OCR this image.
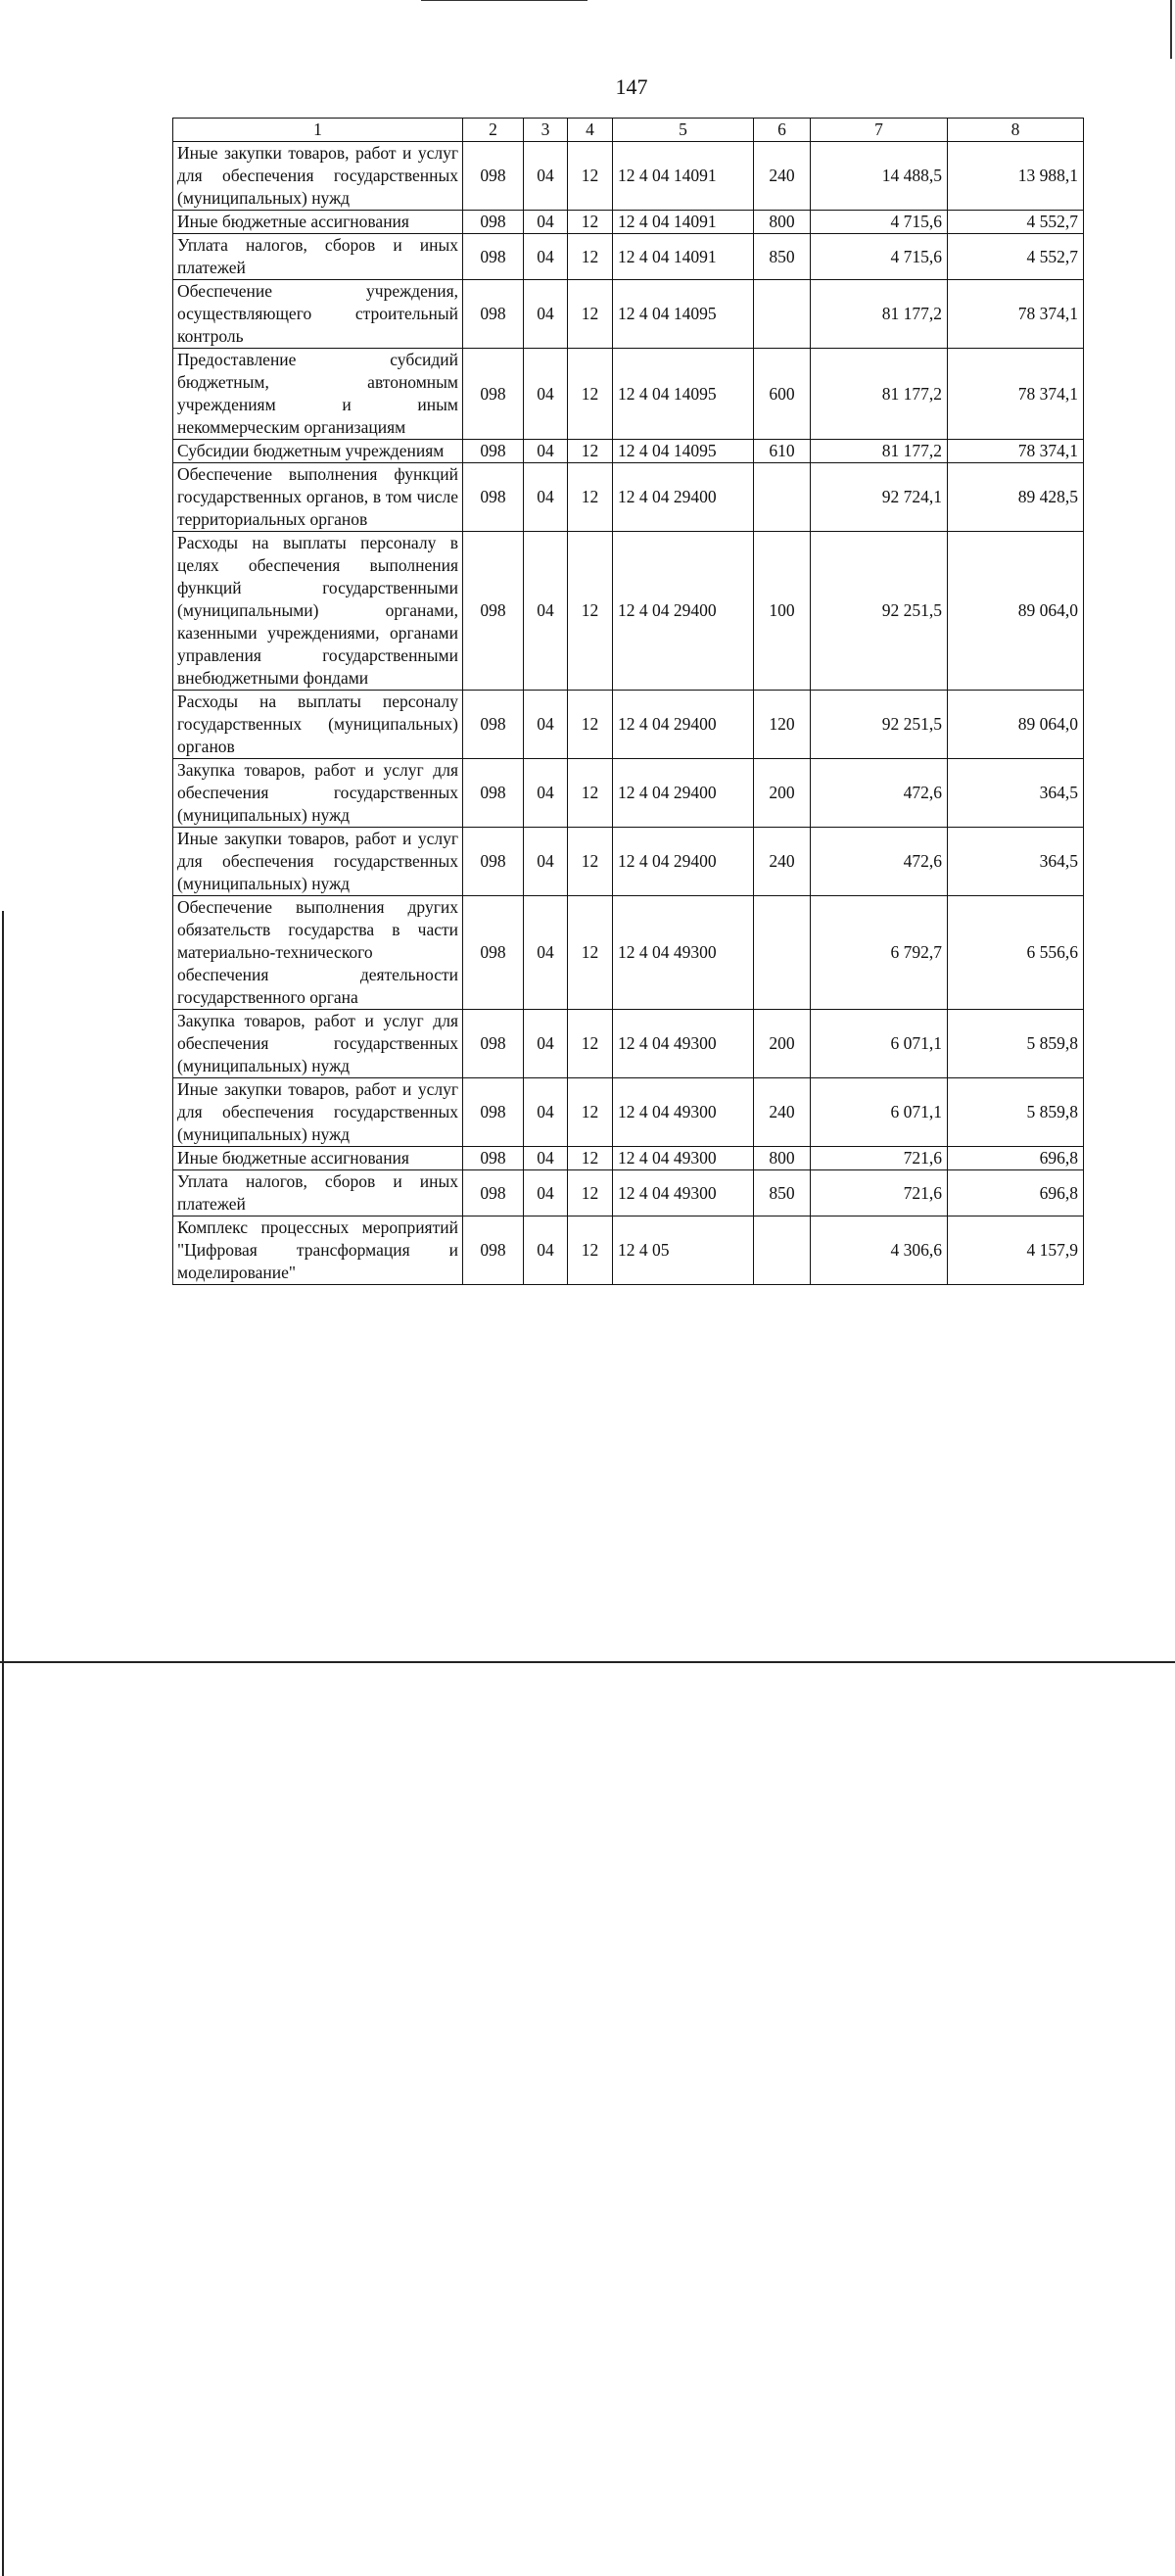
147
1	2	3	4	5	6	7	8
Иные закупки товаров, работ и услуг для обеспечения государственных (муниципальных) нужд	098	04	12	12 4 04 14091	240	14 488,5	13 988,1
Иные бюджетные ассигнования	098	04	12	12 4 04 14091	800	4 715,6	4 552,7
Уплата налогов, сборов и иных платежей	098	04	12	12 4 04 14091	850	4 715,6	4 552,7
Обеспечение учреждения, осуществляющего строительный контроль	098	04	12	12 4 04 14095		81 177,2	78 374,1
Предоставление субсидий бюджетным, автономным учреждениям и иным некоммерческим организациям	098	04	12	12 4 04 14095	600	81 177,2	78 374,1
Субсидии бюджетным учреждениям	098	04	12	12 4 04 14095	610	81 177,2	78 374,1
Обеспечение выполнения функций государственных органов, в том числе территориальных органов	098	04	12	12 4 04 29400		92 724,1	89 428,5
Расходы на выплаты персоналу в целях обеспечения выполнения функций государственными (муниципальными) органами, казенными учреждениями, органами управления государственными внебюджетными фондами	098	04	12	12 4 04 29400	100	92 251,5	89 064,0
Расходы на выплаты персоналу государственных (муниципальных) органов	098	04	12	12 4 04 29400	120	92 251,5	89 064,0
Закупка товаров, работ и услуг для обеспечения государственных (муниципальных) нужд	098	04	12	12 4 04 29400	200	472,6	364,5
Иные закупки товаров, работ и услуг для обеспечения государственных (муниципальных) нужд	098	04	12	12 4 04 29400	240	472,6	364,5
Обеспечение выполнения других обязательств государства в части материально-технического обеспечения деятельности государственного органа	098	04	12	12 4 04 49300		6 792,7	6 556,6
Закупка товаров, работ и услуг для обеспечения государственных (муниципальных) нужд	098	04	12	12 4 04 49300	200	6 071,1	5 859,8
Иные закупки товаров, работ и услуг для обеспечения государственных (муниципальных) нужд	098	04	12	12 4 04 49300	240	6 071,1	5 859,8
Иные бюджетные ассигнования	098	04	12	12 4 04 49300	800	721,6	696,8
Уплата налогов, сборов и иных платежей	098	04	12	12 4 04 49300	850	721,6	696,8
Комплекс процессных мероприятий "Цифровая трансформация и моделирование"	098	04	12	12 4 05		4 306,6	4 157,9
